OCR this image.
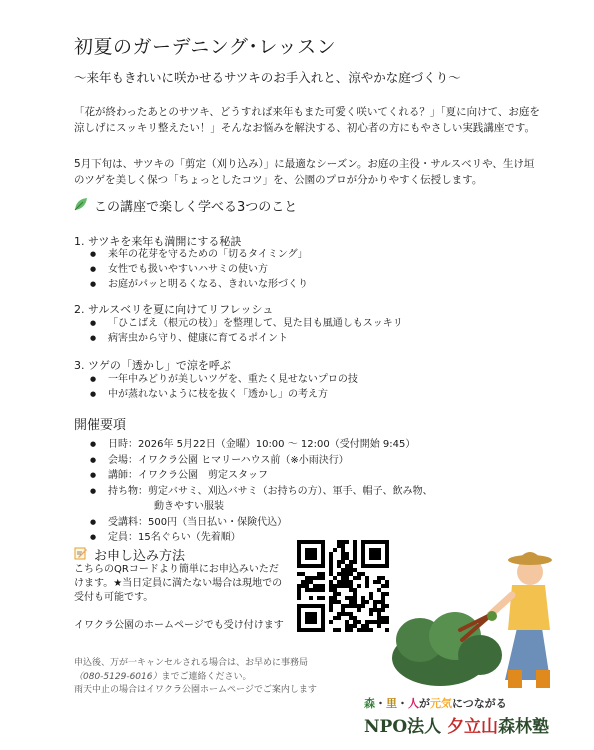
初夏のガーデニング･レッスン
～来年もきれいに咲かせるサツキのお手入れと、涼やかな庭づくり～
「花が終わったあとのサツキ、どうすれば来年もまた可愛く咲いてくれる？」「夏に向けて、お庭を涼しげにスッキリ整えたい！」そんなお悩みを解決する、初心者の方にもやさしい実践講座です。
5月下旬は、サツキの「剪定（刈り込み）」に最適なシーズン。お庭の主役・サルスベリや、生け垣のツゲを美しく保つ「ちょっとしたコツ」を、公園のプロが分かりやすく伝授します。
この講座で楽しく学べる3つのこと
1. サツキを来年も満開にする秘訣
● 来年の花芽を守るための「切るタイミング」
● 女性でも扱いやすいハサミの使い方
● お庭がパッと明るくなる、きれいな形づくり
2. サルスベリを夏に向けてリフレッシュ
● 「ひこばえ（根元の枝）」を整理して、見た目も風通しもスッキリ
● 病害虫から守り、健康に育てるポイント
3. ツゲの「透かし」で涼を呼ぶ
● 一年中みどりが美しいツゲを、重たく見せないプロの技
● 中が蒸れないように枝を抜く「透かし」の考え方
開催要項
● 日時：2026年 5月22日（金曜）10:00 ～ 12:00（受付開始 9:45）
● 会場：イワクラ公園 ヒマリーハウス前（※小雨決行）
● 講師：イワクラ公園　剪定スタッフ
● 持ち物：剪定バサミ、刈込バサミ（お持ちの方）、軍手、帽子、飲み物、
動きやすい服装
● 受講料：500円（当日払い・保険代込）
● 定員：15名ぐらい（先着順）
お申し込み方法
こちらのQRコードより簡単にお申込みいただけます。★当日定員に満たない場合は現地での受付も可能です。
イワクラ公園のホームページでも受け付けます
申込後、万が一キャンセルされる場合は、お早めに事務局
（080-5129-6016）までご連絡ください。
雨天中止の場合はイワクラ公園ホームページでご案内します
森・里・人が元気につながる
NPO法人 夕立山森林塾
